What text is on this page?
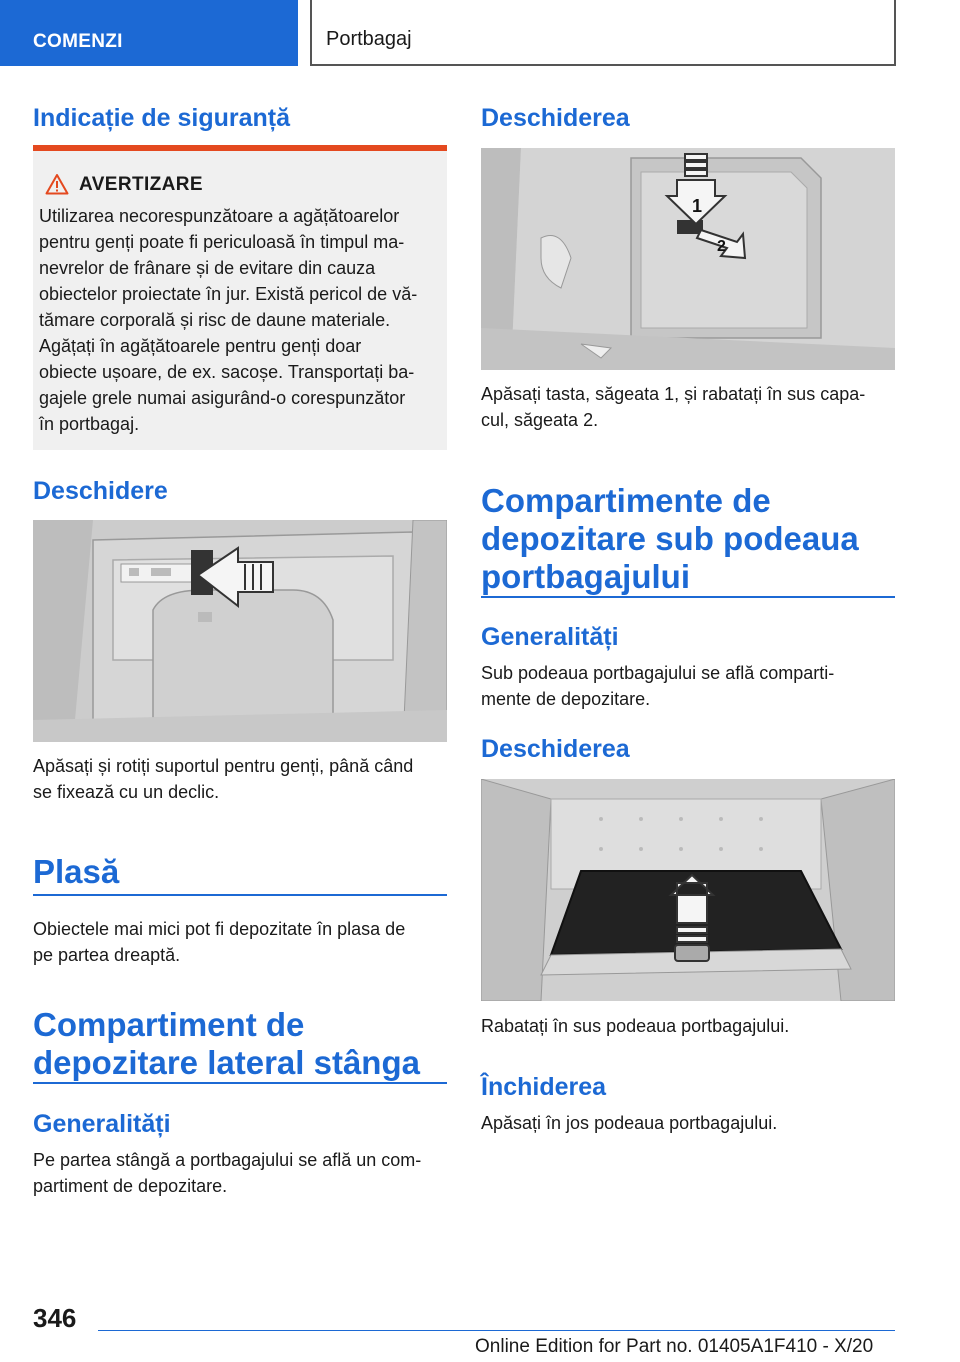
COMENZI	Portbagaj
Indicație de siguranță
AVERTIZARE
Utilizarea necorespunzătoare a agățătoarelor
pentru genți poate fi periculoasă în timpul ma-
nevrelor de frânare și de evitare din cauza
obiectelor proiectate în jur. Există pericol de vă-
tămare corporală și risc de daune materiale.
Agățați în agățătoarele pentru genți doar
obiecte ușoare, de ex. sacoșe. Transportați ba-
gajele grele numai asigurând-o corespunzător
în portbagaj.
Deschidere
Apăsați și rotiți suportul pentru genți, până când
se fixează cu un declic.
Plasă
Obiectele mai mici pot fi depozitate în plasa de
pe partea dreaptă.
Compartiment de
depozitare lateral stânga
Generalități
Pe partea stângă a portbagajului se află un com-
partiment de depozitare.
Deschiderea
1
2
Apăsați tasta, săgeata 1, și rabatați în sus capa-
cul, săgeata 2.
Compartimente de
depozitare sub podeaua
portbagajului
Generalități
Sub podeaua portbagajului se află comparti-
mente de depozitare.
Deschiderea
Rabatați în sus podeaua portbagajului.
Închiderea
Apăsați în jos podeaua portbagajului.
346
Online Edition for Part no. 01405A1F410 - X/20
